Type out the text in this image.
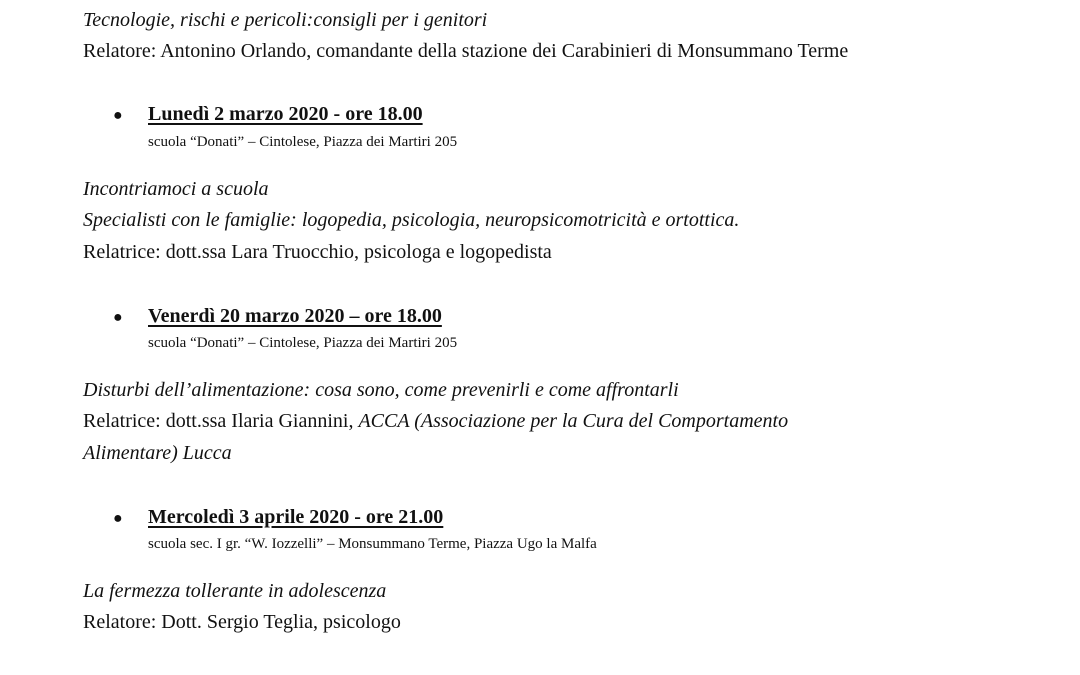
Tecnologie, rischi e pericoli:consigli per i genitori
Relatore: Antonino Orlando, comandante della stazione dei Carabinieri di Monsummano Terme
● Lunedì 2 marzo 2020 - ore 18.00
scuola “Donati” – Cintolese, Piazza dei Martiri 205
Incontriamoci a scuola
Specialisti con le famiglie: logopedia, psicologia, neuropsicomotricità e ortottica.
Relatrice: dott.ssa Lara Truocchio, psicologa e logopedista
● Venerdì 20 marzo 2020 – ore 18.00
scuola “Donati” – Cintolese, Piazza dei Martiri 205
Disturbi dell’alimentazione: cosa sono, come prevenirli e come affrontarli
Relatrice: dott.ssa Ilaria Giannini, ACCA (Associazione per la Cura del Comportamento
Alimentare) Lucca
● Mercoledì 3 aprile 2020 - ore 21.00
scuola sec. I gr. “W. Iozzelli” – Monsummano Terme, Piazza Ugo la Malfa
La fermezza tollerante in adolescenza
Relatore: Dott. Sergio Teglia, psicologo
